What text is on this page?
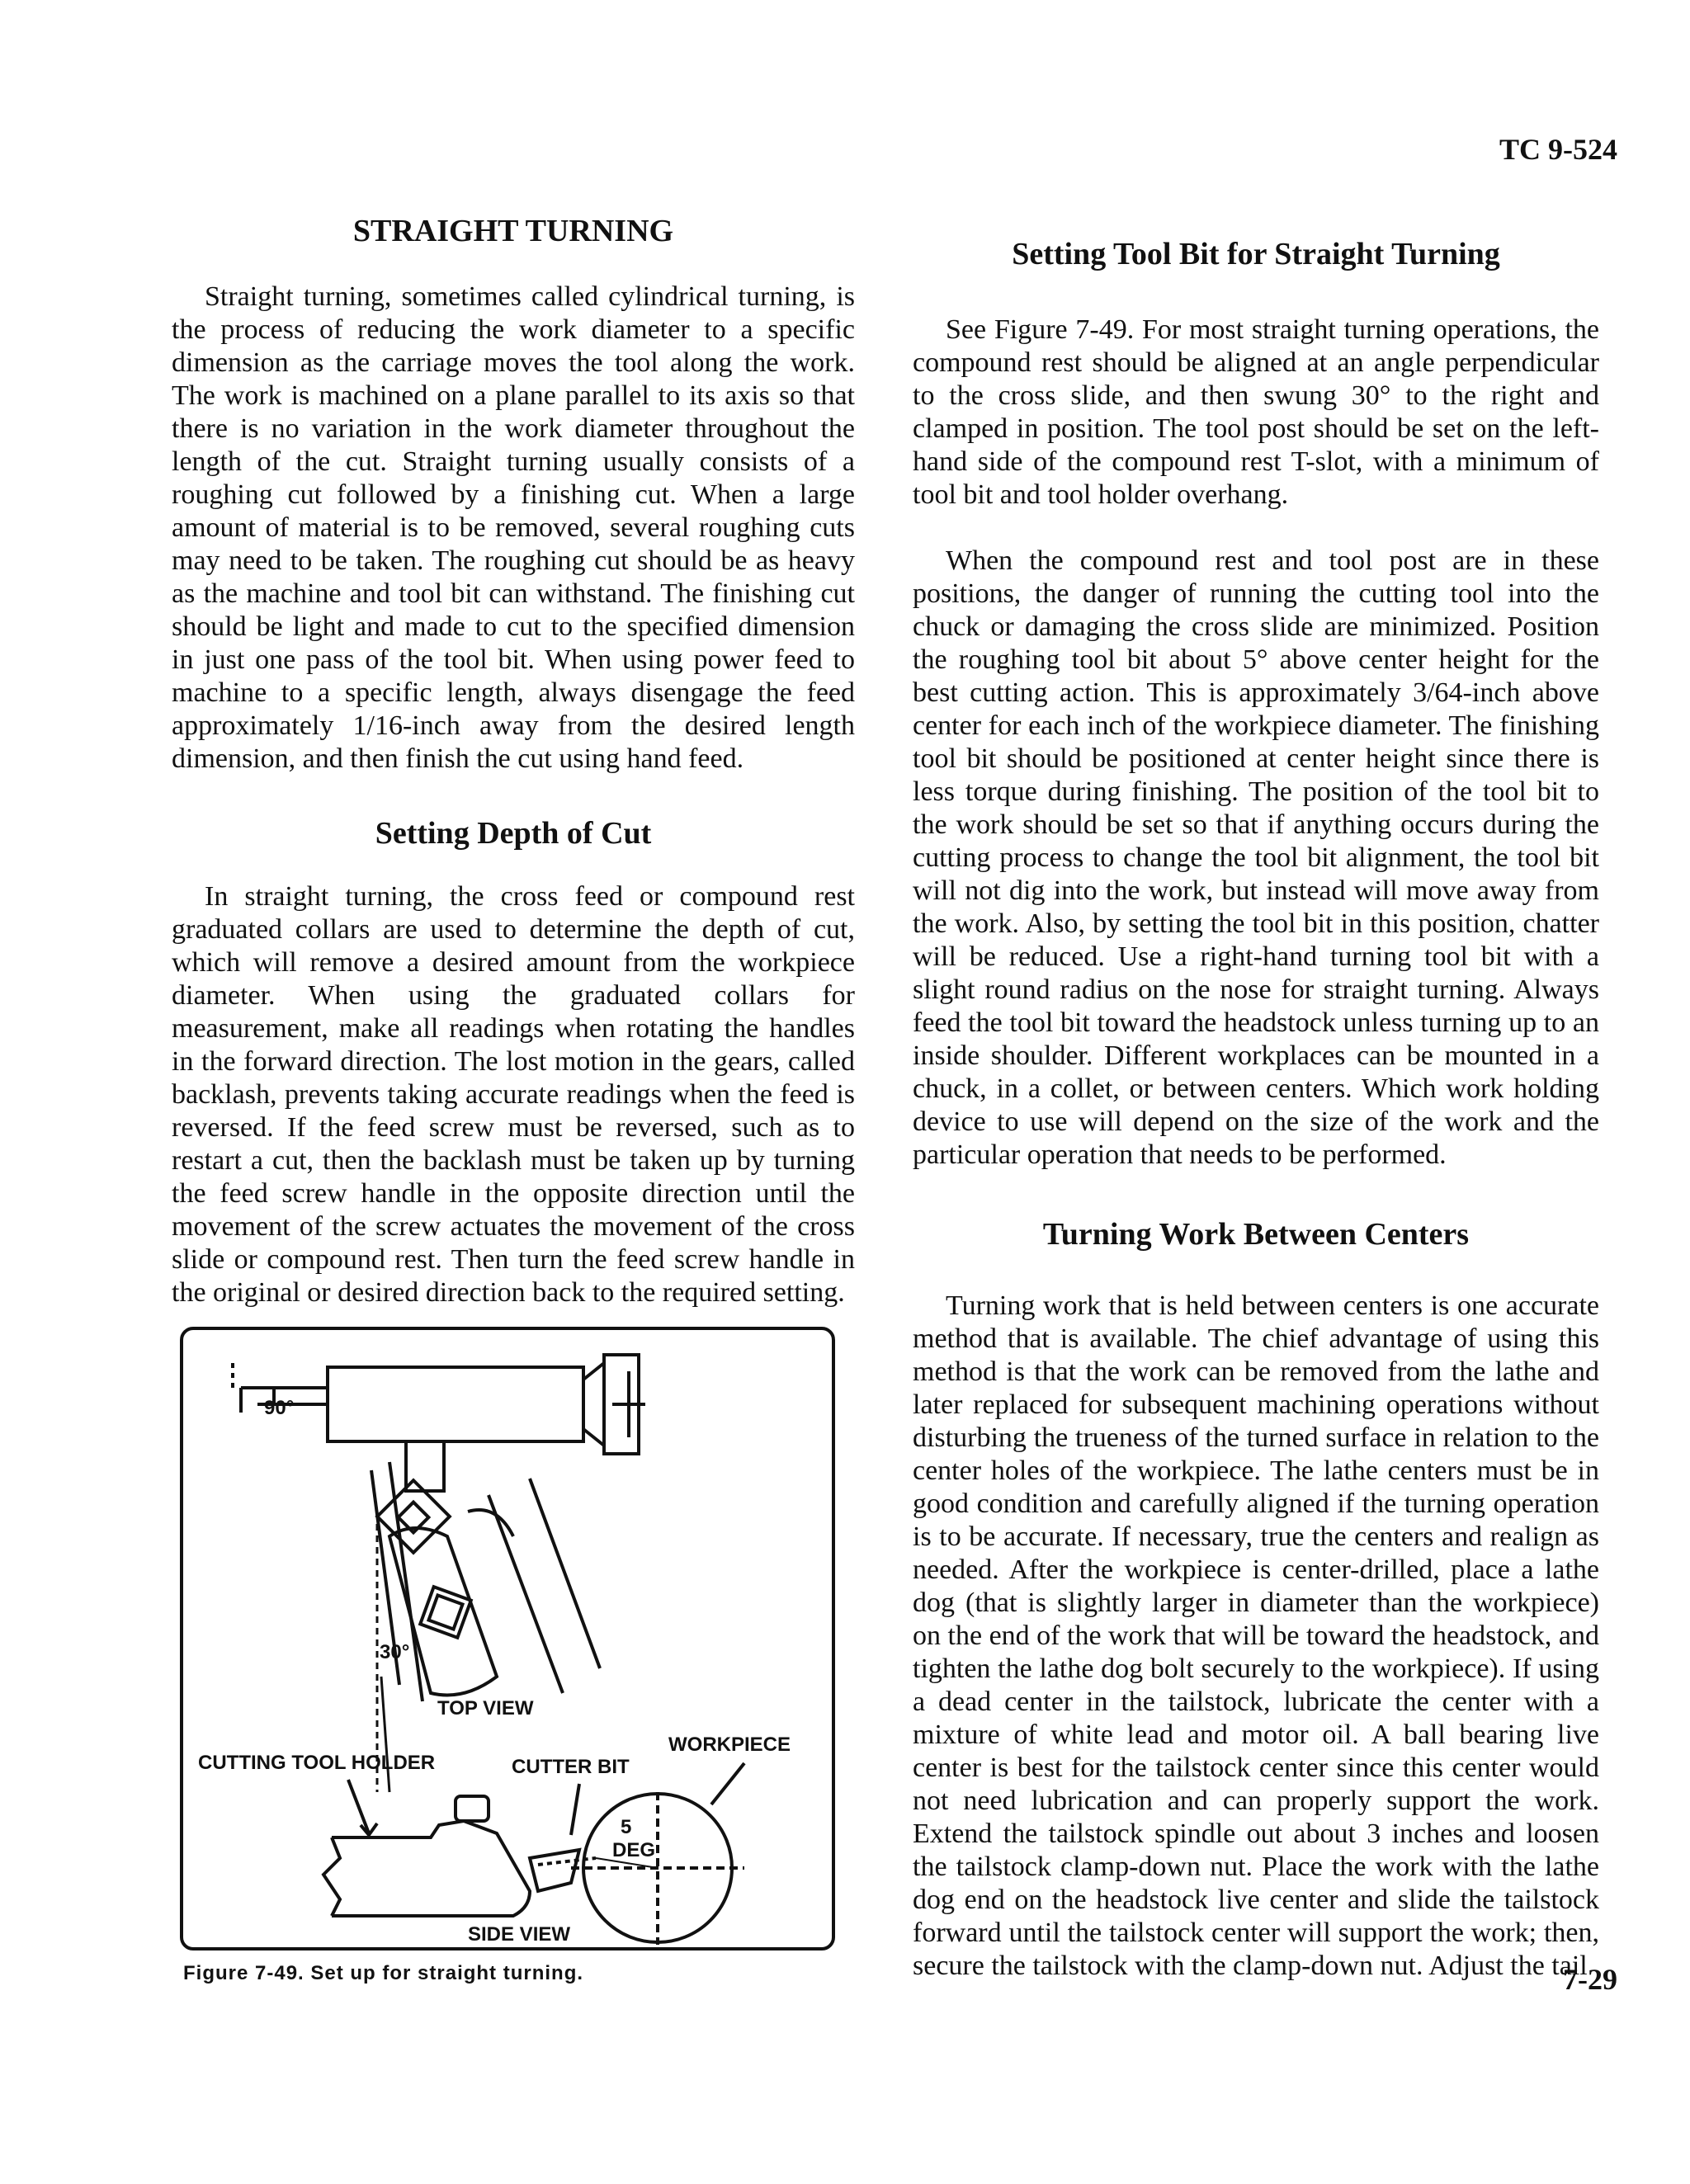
TC 9-524
STRAIGHT TURNING

Straight turning, sometimes called cylindrical turning, is the process of reducing the work diameter to a specific dimension as the carriage moves the tool along the work. The work is machined on a plane parallel to its axis so that there is no variation in the work diameter throughout the length of the cut. Straight turning usually consists of a roughing cut followed by a finishing cut. When a large amount of material is to be removed, several roughing cuts may need to be taken. The roughing cut should be as heavy as the machine and tool bit can withstand. The finishing cut should be light and made to cut to the specified dimension in just one pass of the tool bit. When using power feed to machine to a specific length, always disengage the feed approximately 1/16-inch away from the desired length dimension, and then finish the cut using hand feed.

Setting Depth of Cut

In straight turning, the cross feed or compound rest graduated collars are used to determine the depth of cut, which will remove a desired amount from the workpiece diameter. When using the graduated collars for measurement, make all readings when rotating the handles in the forward direction. The lost motion in the gears, called backlash, prevents taking accurate readings when the feed is reversed. If the feed screw must be reversed, such as to restart a cut, then the backlash must be taken up by turning the feed screw handle in the opposite direction until the movement of the screw actuates the movement of the cross slide or compound rest. Then turn the feed screw handle in the original or desired direction back to the required setting.

90°
30°
TOP VIEW
CUTTING TOOL HOLDER	CUTTER BIT
WORKPIECE
5
DEG
SIDE VIEW
Figure 7-49. Set up for straight turning.
Setting Tool Bit for Straight Turning

See Figure 7-49. For most straight turning operations, the compound rest should be aligned at an angle perpendicular to the cross slide, and then swung 30° to the right and clamped in position. The tool post should be set on the left-hand side of the compound rest T-slot, with a minimum of tool bit and tool holder overhang.

When the compound rest and tool post are in these positions, the danger of running the cutting tool into the chuck or damaging the cross slide are minimized. Position the roughing tool bit about 5° above center height for the best cutting action. This is approximately 3/64-inch above center for each inch of the workpiece diameter. The finishing tool bit should be positioned at center height since there is less torque during finishing. The position of the tool bit to the work should be set so that if anything occurs during the cutting process to change the tool bit alignment, the tool bit will not dig into the work, but instead will move away from the work. Also, by setting the tool bit in this position, chatter will be reduced. Use a right-hand turning tool bit with a slight round radius on the nose for straight turning. Always feed the tool bit toward the headstock unless turning up to an inside shoulder. Different workplaces can be mounted in a chuck, in a collet, or between centers. Which work holding device to use will depend on the size of the work and the particular operation that needs to be performed.

Turning Work Between Centers

Turning work that is held between centers is one accurate method that is available. The chief advantage of using this method is that the work can be removed from the lathe and later replaced for subsequent machining operations without disturbing the trueness of the turned surface in relation to the center holes of the workpiece. The lathe centers must be in good condition and carefully aligned if the turning operation is to be accurate. If necessary, true the centers and realign as needed. After the workpiece is center-drilled, place a lathe dog (that is slightly larger in diameter than the workpiece) on the end of the work that will be toward the headstock, and tighten the lathe dog bolt securely to the workpiece). If using a dead center in the tailstock, lubricate the center with a mixture of white lead and motor oil. A ball bearing live center is best for the tailstock center since this center would not need lubrication and can properly support the work. Extend the tailstock spindle out about 3 inches and loosen the tailstock clamp-down nut. Place the work with the lathe dog end on the headstock live center and slide the tailstock forward until the tailstock center will support the work; then, secure the tailstock with the clamp-down nut. Adjust the tail

7-29
